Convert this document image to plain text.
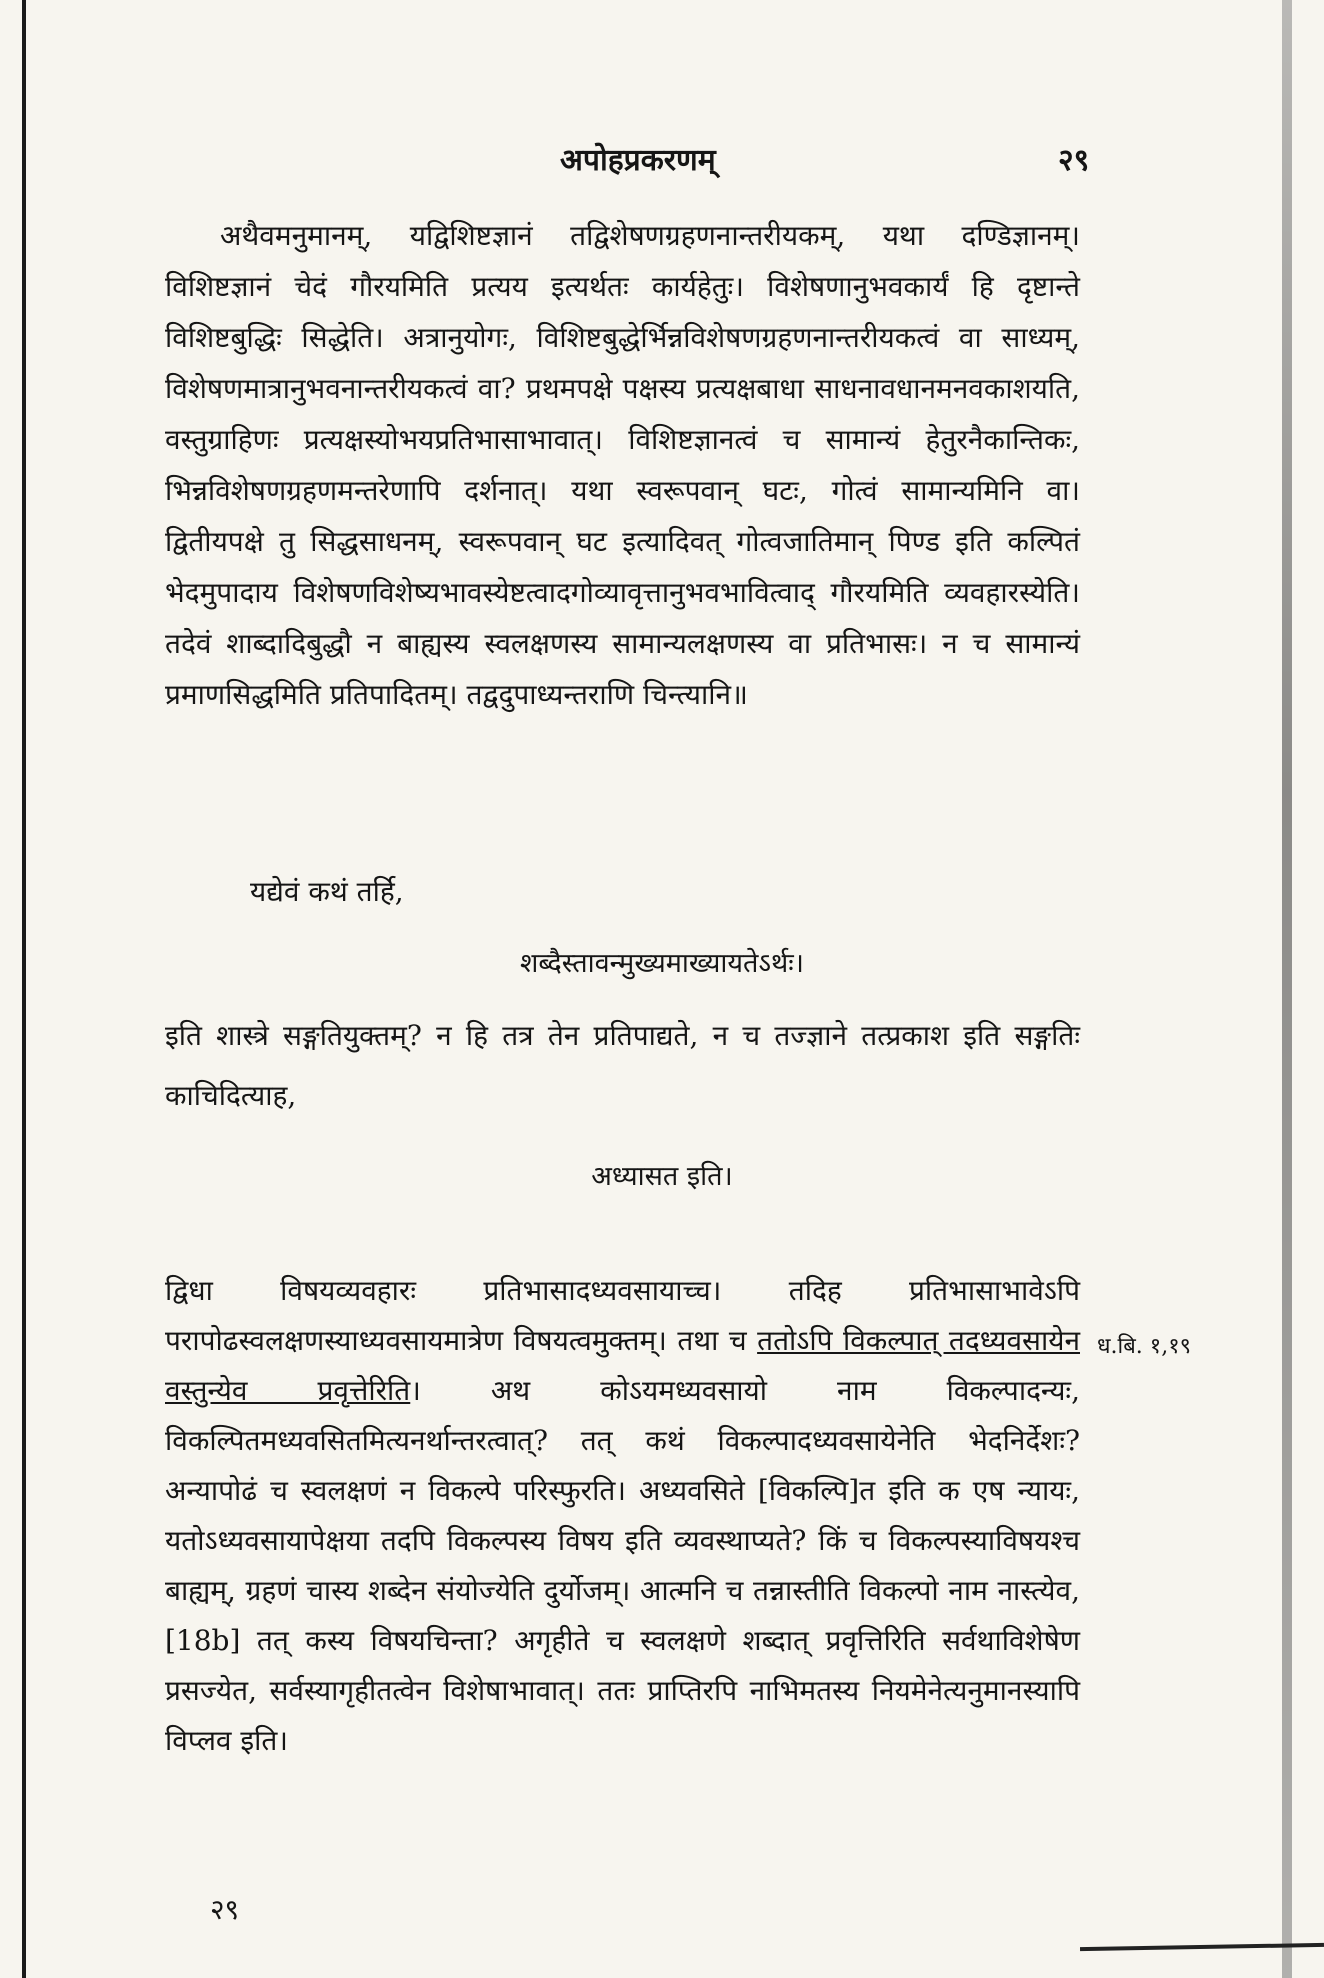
अपोहप्रकरणम्	२९
अथैवमनुमानम्, यद्विशिष्टज्ञानं तद्विशेषणग्रहणनान्तरीयकम्, यथा दण्डिज्ञानम्। विशिष्टज्ञानं चेदं गौरयमिति प्रत्यय इत्यर्थतः कार्यहेतुः। विशेषणानुभवकार्यं हि दृष्टान्ते विशिष्टबुद्धिः सिद्धेति। अत्रानुयोगः, विशिष्टबुद्धेर्भिन्नविशेषणग्रहणनान्तरीयकत्वं वा साध्यम्, विशेषणमात्रानुभवनान्तरीयकत्वं वा? प्रथमपक्षे पक्षस्य प्रत्यक्षबाधा साधनावधानमनवकाशयति, वस्तुग्राहिणः प्रत्यक्षस्योभयप्रतिभासाभावात्। विशिष्टज्ञानत्वं च सामान्यं हेतुरनैकान्तिकः, भिन्नविशेषणग्रहणमन्तरेणापि दर्शनात्। यथा स्वरूपवान् घटः, गोत्वं सामान्यमिनि वा। द्वितीयपक्षे तु सिद्धसाधनम्, स्वरूपवान् घट इत्यादिवत् गोत्वजातिमान् पिण्ड इति कल्पितं भेदमुपादाय विशेषणविशेष्यभावस्येष्टत्वादगोव्यावृत्तानुभवभावित्वाद् गौरयमिति व्यवहारस्येति। तदेवं शाब्दादिबुद्धौ न बाह्यस्य स्वलक्षणस्य सामान्यलक्षणस्य वा प्रतिभासः। न च सामान्यं प्रमाणसिद्धमिति प्रतिपादितम्। तद्वदुपाध्यन्तराणि चिन्त्यानि॥
यद्येवं कथं तर्हि,
शब्दैस्तावन्मुख्यमाख्यायतेऽर्थः।
इति शास्त्रे सङ्गतियुक्तम्? न हि तत्र तेन प्रतिपाद्यते, न च तज्ज्ञाने तत्प्रकाश इति सङ्गतिः काचिदित्याह,
अध्यासत इति।
द्विधा विषयव्यवहारः प्रतिभासादध्यवसायाच्च। तदिह प्रतिभासाभावेऽपि परापोढस्वलक्षणस्याध्यवसायमात्रेण विषयत्वमुक्तम्। तथा च ततोऽपि विकल्पात् तदध्यवसायेन वस्तुन्येव प्रवृत्तेरिति। अथ कोऽयमध्यवसायो नाम विकल्पादन्यः, विकल्पितमध्यवसितमित्यनर्थान्तरत्वात्? तत् कथं विकल्पादध्यवसायेनेति भेदनिर्देशः? अन्यापोढं च स्वलक्षणं न विकल्पे परिस्फुरति। अध्यवसिते [विकल्पि]त इति क एष न्यायः, यतोऽध्यवसायापेक्षया तदपि विकल्पस्य विषय इति व्यवस्थाप्यते? किं च विकल्पस्याविषयश्च बाह्यम्, ग्रहणं चास्य शब्देन संयोज्येति दुर्योजम्। आत्मनि च तन्नास्तीति विकल्पो नाम नास्त्येव, [18b] तत् कस्य विषयचिन्ता? अगृहीते च स्वलक्षणे शब्दात् प्रवृत्तिरिति सर्वथाविशेषेण प्रसज्येत, सर्वस्यागृहीतत्वेन विशेषाभावात्। ततः प्राप्तिरपि नाभिमतस्य नियमेनेत्यनुमानस्यापि विप्लव इति।
ध.बि. १,१९
२९
